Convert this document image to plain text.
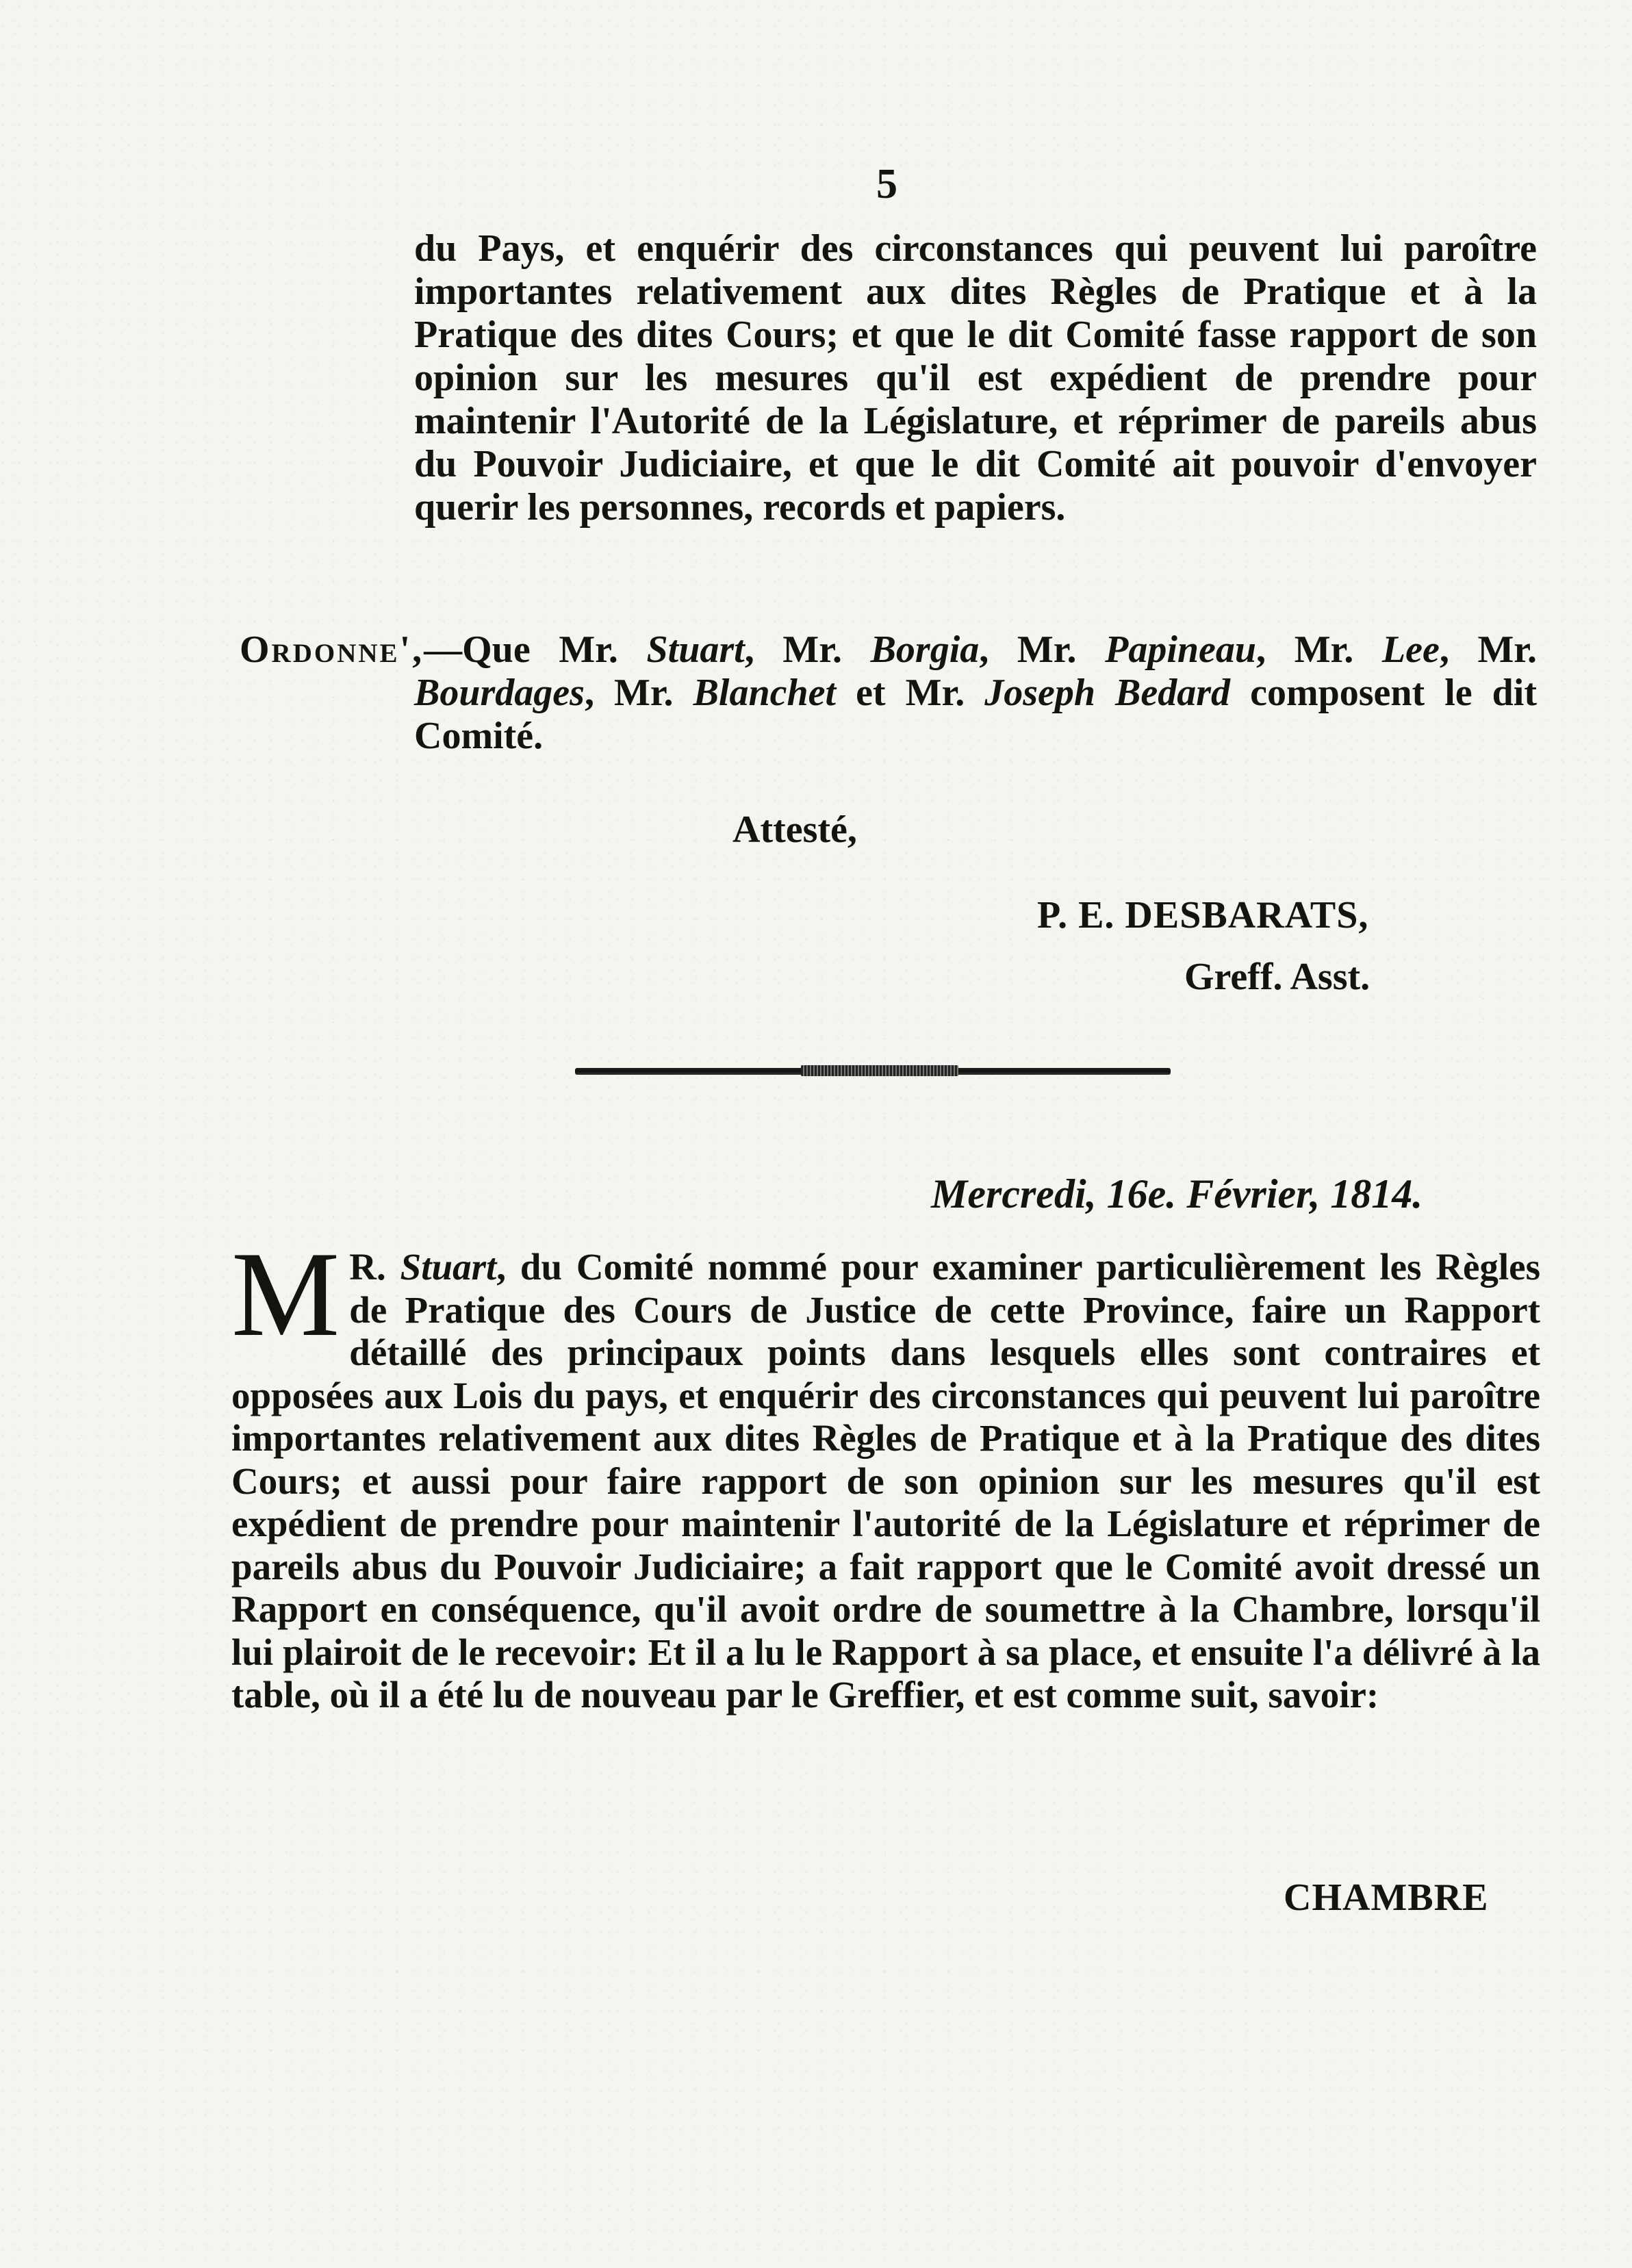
5

du Pays, et enquérir des circonstances qui peuvent lui paroître importantes relativement aux dites Règles de Pratique et à la Pratique des dites Cours; et que le dit Comité fasse rapport de son opinion sur les mesures qu'il est expédient de prendre pour maintenir l'Autorité de la Législature, et réprimer de pareils abus du Pouvoir Judiciaire, et que le dit Comité ait pouvoir d'envoyer querir les personnes, records et papiers.

Ordonne',—Que Mr. Stuart, Mr. Borgia, Mr. Papineau, Mr. Lee, Mr. Bourdages, Mr. Blanchet et Mr. Joseph Bedard composent le dit Comité.

Attesté,
P. E. DESBARATS,
Greff. Asst.
Mercredi, 16e. Février, 1814.

M R. Stuart, du Comité nommé pour examiner particulièrement les Règles de Pratique des Cours de Justice de cette Province, faire un Rapport détaillé des principaux points dans lesquels elles sont contraires et opposées aux Lois du pays, et enquérir des circonstances qui peuvent lui paroître importantes relativement aux dites Règles de Pratique et à la Pratique des dites Cours; et aussi pour faire rapport de son opinion sur les mesures qu'il est expédient de prendre pour maintenir l'autorité de la Législature et réprimer de pareils abus du Pouvoir Judiciaire; a fait rapport que le Comité avoit dressé un Rapport en conséquence, qu'il avoit ordre de soumettre à la Chambre, lorsqu'il lui plairoit de le recevoir: Et il a lu le Rapport à sa place, et ensuite l'a délivré à la table, où il a été lu de nouveau par le Greffier, et est comme suit, savoir:

CHAMBRE
